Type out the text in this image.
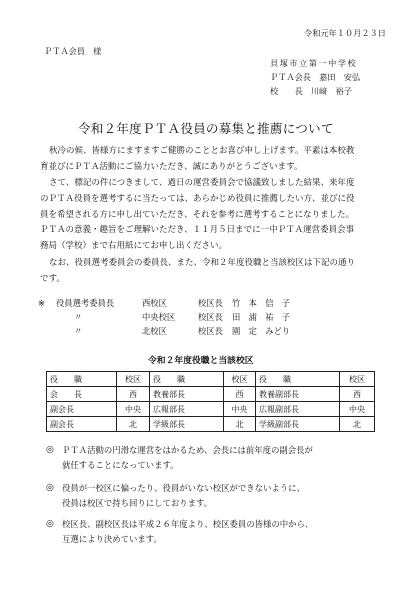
令和元年１０月２３日
ＰＴＡ会員　様
貝塚市立第一中学校
ＰＴＡ会長　嘉田　安弘
校　　長　川﨑　裕子
令和２年度ＰＴＡ役員の募集と推薦について

秋冷の候、皆様方にますますご健勝のこととお喜び申し上げます。平素は本校教

育並びにＰＴＡ活動にご協力いただき、誠にありがとうございます。

さて、標記の件につきまして、過日の運営委員会で協議致しました結果、来年度

のＰＴＡ役員を選考するに当たっては、あらかじめ役員に推薦したい方、並びに役

員を希望される方に申し出ていただき、それを参考に選考することになりました。

ＰＴＡの意義・趣旨をご理解いただき、１１月５日までに一中ＰＴＡ運営委員会事

務局（学校）まで右用紙にてお申し出ください。

なお、役員選考委員会の委員長、また、令和２年度役職と当該校区は下記の通り

です。

※ 役員選考委員長	西校区	校区長 竹　本　信　子
〃	中央校区	校区長 田　浦　祐　子
〃	北校区	校区長 園　定　みどり
令和２年度役職と当該校区
役　　職	校区	役　　職	校区	役　　職	校区
会　　長	西	教養部長	西	教養副部長	西
副会長	中央	広報部長	中央	広報副部長	中央
副会長	北	学級部長	北	学級副部長	北
◎ ＰＴＡ活動の円滑な運営をはかるため、会長には前年度の副会長が

就任することになっています。

◎ 役員が一校区に偏ったり、役員がいない校区ができないように、

役員は校区で持ち回りにしております。

◎ 校区長、副校区長は平成２６年度より、校区委員の皆様の中から、

互選により決めています。
